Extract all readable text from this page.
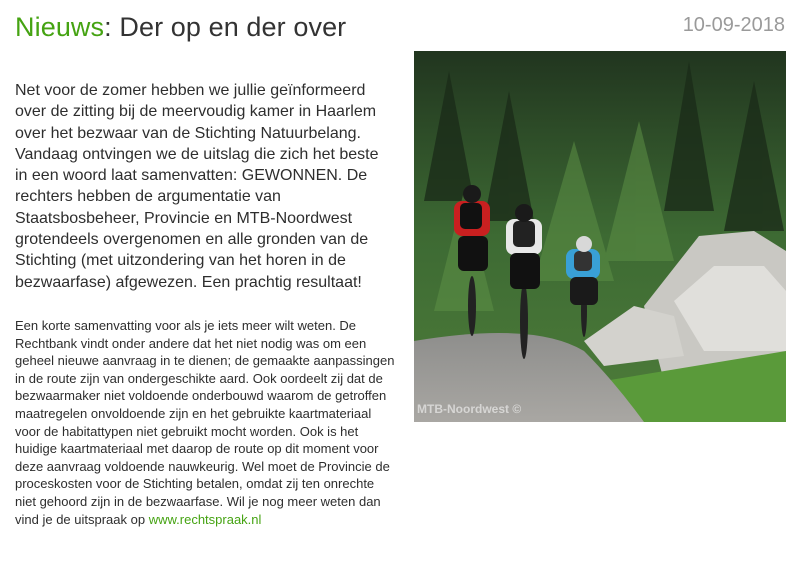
Nieuws: Der op en der over	10-09-2018

Net voor de zomer hebben we jullie geïnformeerd over de zitting bij de meervoudig kamer in Haarlem over het bezwaar van de Stichting Natuurbelang. Vandaag ontvingen we de uitslag die zich het beste in een woord laat samenvatten: GEWONNEN. De rechters hebben de argumentatie van Staatsbosbeheer, Provincie en MTB-Noordwest grotendeels overgenomen en alle gronden van de Stichting (met uitzondering van het horen in de bezwaarfase) afgewezen. Een prachtig resultaat!

Een korte samenvatting voor als je iets meer wilt weten. De Rechtbank vindt onder andere dat het niet nodig was om een geheel nieuwe aanvraag in te dienen; de gemaakte aanpassingen in de route zijn van ondergeschikte aard. Ook oordeelt zij dat de bezwaarmaker niet voldoende onderbouwd waarom de getroffen maatregelen onvoldoende zijn en het gebruikte kaartmateriaal voor de habitattypen niet gebruikt mocht worden. Ook is het huidige kaartmateriaal met daarop de route op dit moment voor deze aanvraag voldoende nauwkeurig. Wel moet de Provincie de proceskosten voor de Stichting betalen, omdat zij ten onrechte niet gehoord zijn in de bezwaarfase. Wil je nog meer weten dan vind je de uitspraak op www.rechtspraak.nl

MTB-Noordwest ©
